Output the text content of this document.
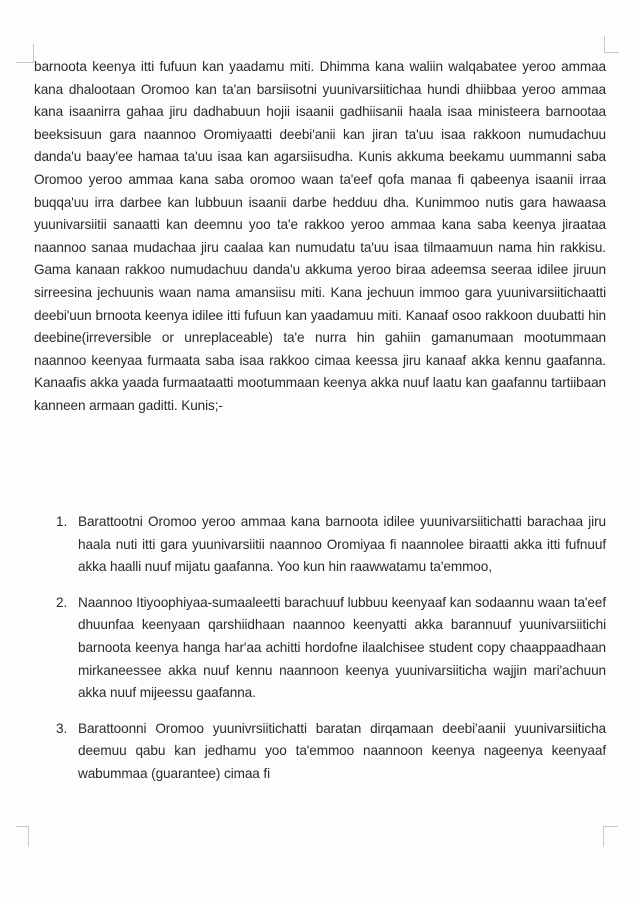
barnoota keenya itti fufuun kan yaadamu miti. Dhimma kana waliin walqabatee yeroo ammaa kana dhalootaan Oromoo kan ta'an barsiisotni yuunivarsiitichaa hundi dhiibbaa yeroo ammaa kana isaanirra gahaa jiru dadhabuun hojii isaanii gadhiisanii haala isaa ministeera barnootaa beeksisuun gara naannoo Oromiyaatti deebi'anii kan jiran ta'uu isaa rakkoon numudachuu danda'u baay'ee hamaa ta'uu isaa kan agarsiisudha. Kunis akkuma beekamu uummanni saba Oromoo yeroo ammaa kana saba oromoo waan ta'eef qofa manaa fi qabeenya isaanii irraa buqqa'uu irra darbee kan lubbuun isaanii darbe hedduu dha. Kunimmoo nutis gara hawaasa yuunivarsiitii sanaatti kan deemnu yoo ta'e rakkoo yeroo ammaa kana saba keenya jiraataa naannoo sanaa mudachaa jiru caalaa kan numudatu ta'uu isaa tilmaamuun nama hin rakkisu. Gama kanaan rakkoo numudachuu danda'u akkuma yeroo biraa adeemsa seeraa idilee jiruun sirreesina jechuunis waan nama amansiisu miti. Kana jechuun immoo gara yuunivarsiitichaatti deebi'uun brnoota keenya idilee itti fufuun kan yaadamuu miti. Kanaaf osoo rakkoon duubatti hin deebine(irreversible or unreplaceable) ta'e nurra hin gahiin gamanumaan mootummaan naannoo keenyaa furmaata saba isaa rakkoo cimaa keessa jiru kanaaf akka kennu gaafanna. Kanaafis akka yaada furmaataatti mootummaan keenya akka nuuf laatu kan gaafannu tartiibaan kanneen armaan gaditti. Kunis;-

1. Barattootni Oromoo yeroo ammaa kana barnoota idilee yuunivarsiitichatti barachaa jiru haala nuti itti gara yuunivarsiitii naannoo Oromiyaa fi naannolee biraatti akka itti fufnuuf akka haalli nuuf mijatu gaafanna. Yoo kun hin raawwatamu ta'emmoo,
2. Naannoo Itiyoophiyaa-sumaaleetti barachuuf lubbuu keenyaaf kan sodaannu waan ta'eef dhuunfaa keenyaan qarshiidhaan naannoo keenyatti akka barannuuf yuunivarsiitichi barnoota keenya hanga har'aa achitti hordofne ilaalchisee student copy chaappaadhaan mirkaneessee akka nuuf kennu naannoon keenya yuunivarsiiticha wajjin mari'achuun akka nuuf mijeessu gaafanna.
3. Barattoonni Oromoo yuunivrsiitichatti baratan dirqamaan deebi'aanii yuunivarsiiticha deemuu qabu kan jedhamu yoo ta'emmoo naannoon keenya nageenya keenyaaf wabummaa (guarantee) cimaa fi
